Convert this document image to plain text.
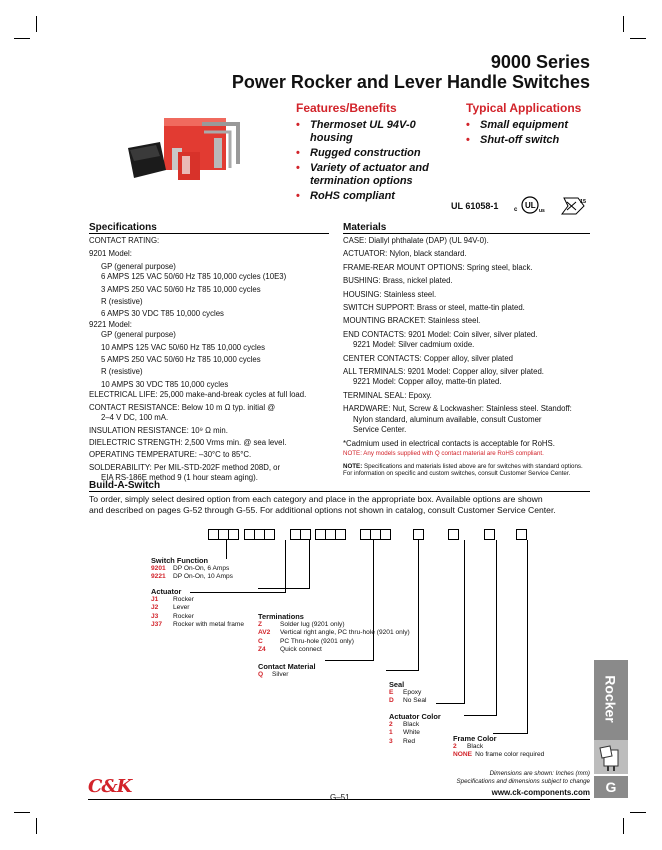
9000 Series
Power Rocker and Lever Handle Switches
Features/Benefits
• Thermoset UL 94V-0 housing
• Rugged construction
• Variety of actuator and termination options
• RoHS compliant
Typical Applications
• Small equipment
• Shut-off switch
UL 61058-1	c UL
us
15
Specifications

CONTACT RATING:

9201 Model:

GP (general purpose)

6 AMPS 125 VAC 50/60 Hz T85 10,000 cycles (10E3)

3 AMPS 250 VAC 50/60 Hz T85 10,000 cycles

R (resistive)

6 AMPS 30 VDC T85 10,000 cycles

9221 Model:

GP (general purpose)

10 AMPS 125 VAC 50/60 Hz T85 10,000 cycles

5 AMPS 250 VAC 50/60 Hz T85 10,000 cycles

R (resistive)

10 AMPS 30 VDC T85 10,000 cycles

ELECTRICAL LIFE: 25,000 make-and-break cycles at full load.

CONTACT RESISTANCE: Below 10 m Ω typ. initial @

2–4 V DC, 100 mA.

INSULATION RESISTANCE: 10⁹ Ω min.

DIELECTRIC STRENGTH: 2,500 Vrms min. @ sea level.

OPERATING TEMPERATURE: –30°C to 85°C.

SOLDERABILITY: Per MIL-STD-202F method 208D, or

EIA RS-186E method 9 (1 hour steam aging).

Materials

CASE: Diallyl phthalate (DAP) (UL 94V-0).

ACTUATOR: Nylon, black standard.

FRAME-REAR MOUNT OPTIONS: Spring steel, black.

BUSHING: Brass, nickel plated.

HOUSING: Stainless steel.

SWITCH SUPPORT: Brass or steel, matte-tin plated.

MOUNTING BRACKET: Stainless steel.

END CONTACTS: 9201 Model: Coin silver, silver plated.

9221 Model: Silver cadmium oxide.

CENTER CONTACTS: Copper alloy, silver plated

ALL TERMINALS: 9201 Model: Copper alloy, silver plated.

9221 Model: Copper alloy, matte-tin plated.

TERMINAL SEAL: Epoxy.

HARDWARE: Nut, Screw & Lockwasher: Stainless steel. Standoff:

Nylon standard, aluminum available, consult Customer

Service Center.

*Cadmium used in electrical contacts is acceptable for RoHS.

NOTE: Any models supplied with Q contact material are RoHS compliant.

NOTE: Specifications and materials listed above are for switches with standard options.

For information on specific and custom switches, consult Customer Service Center.

Build-A-Switch
To order, simply select desired option from each category and place in the appropriate box. Available options are shown
and described on pages G-52 through G-55. For additional options not shown in catalog, consult Customer Service Center.
Switch Function
9201 DP On-On, 6 Amps
9221 DP On-On, 10 Amps
Actuator
J1 Rocker
J2 Lever
J3 Rocker
J37 Rocker with metal frame
Terminations
Z	Solder lug (9201 only)
AV2 Vertical right angle, PC thru-hole (9201 only)
C	PC Thru-hole (9201 only)
Z4 Quick connect
Contact Material
Q Silver
Seal
E Epoxy
D No Seal
Actuator Color
2 Black
1 White
3 Red	Frame Color
2 Black
NONE No frame color required
Rocker
G
C&K
G–51
Dimensions are shown: Inches (mm)
Specifications and dimensions subject to change
www.ck-components.com
